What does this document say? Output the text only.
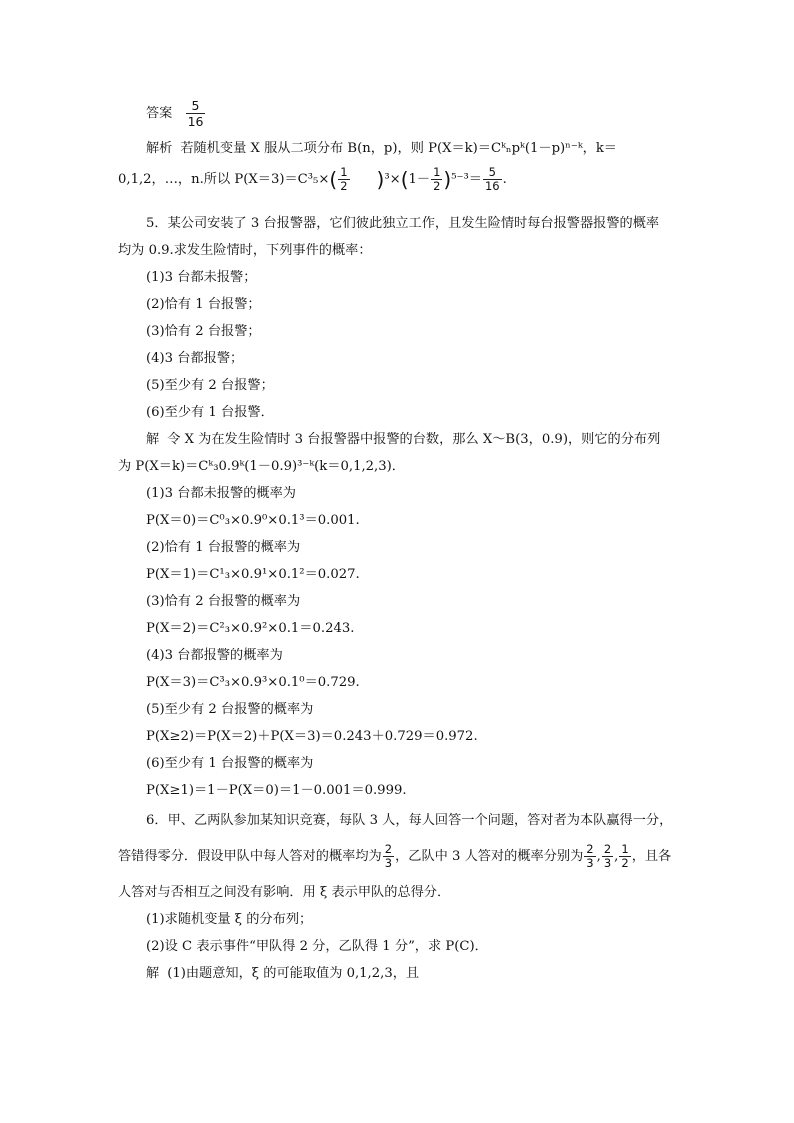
答案 $\frac{5}{16}$
解析 若随机变量 X 服从二项分布 B(n，p)，则 P(X＝k)＝Cᵏₙpᵏ(1－p)ⁿ⁻ᵏ，k＝
0,1,2，…，n.所以 $P(X=3)=C^3_5\times( \frac{1}{2} )^3\times(1- \frac{1}{2} )^{5-3}= \frac{5}{16}$ .
5．某公司安装了 3 台报警器，它们彼此独立工作，且发生险情时每台报警器报警的概率
均为 0.9.求发生险情时，下列事件的概率：
(1)3 台都未报警；
(2)恰有 1 台报警；
(3)恰有 2 台报警；
(4)3 台都报警；
(5)至少有 2 台报警；
(6)至少有 1 台报警．
解 令 X 为在发生险情时 3 台报警器中报警的台数，那么 X～B(3，0.9)，则它的分布列
为 P(X＝k)＝Cᵏ₃0.9ᵏ(1－0.9)³⁻ᵏ(k＝0,1,2,3)．
(1)3 台都未报警的概率为
P(X＝0)＝C⁰₃×0.9⁰×0.1³＝0.001.
(2)恰有 1 台报警的概率为
P(X＝1)＝C¹₃×0.9¹×0.1²＝0.027.
(3)恰有 2 台报警的概率为
P(X＝2)＝C²₃×0.9²×0.1＝0.243.
(4)3 台都报警的概率为
P(X＝3)＝C³₃×0.9³×0.1⁰＝0.729.
(5)至少有 2 台报警的概率为
P(X≥2)＝P(X＝2)＋P(X＝3)＝0.243＋0.729＝0.972.
(6)至少有 1 台报警的概率为
P(X≥1)＝1－P(X＝0)＝1－0.001＝0.999.
6．甲、乙两队参加某知识竞赛，每队 3 人，每人回答一个问题，答对者为本队赢得一分，
答错得零分．假设甲队中每人答对的概率均为 $\frac{2}{3}$ ，乙队中 3 人答对的概率分别为 $\frac{2}{3}$ , $\frac{2}{3}$ , $\frac{1}{2}$ ，且各
人答对与否相互之间没有影响．用 ξ 表示甲队的总得分．
(1)求随机变量 ξ 的分布列；
(2)设 C 表示事件“甲队得 2 分，乙队得 1 分”，求 P(C)．
解 (1)由题意知，ξ 的可能取值为 0,1,2,3，且
